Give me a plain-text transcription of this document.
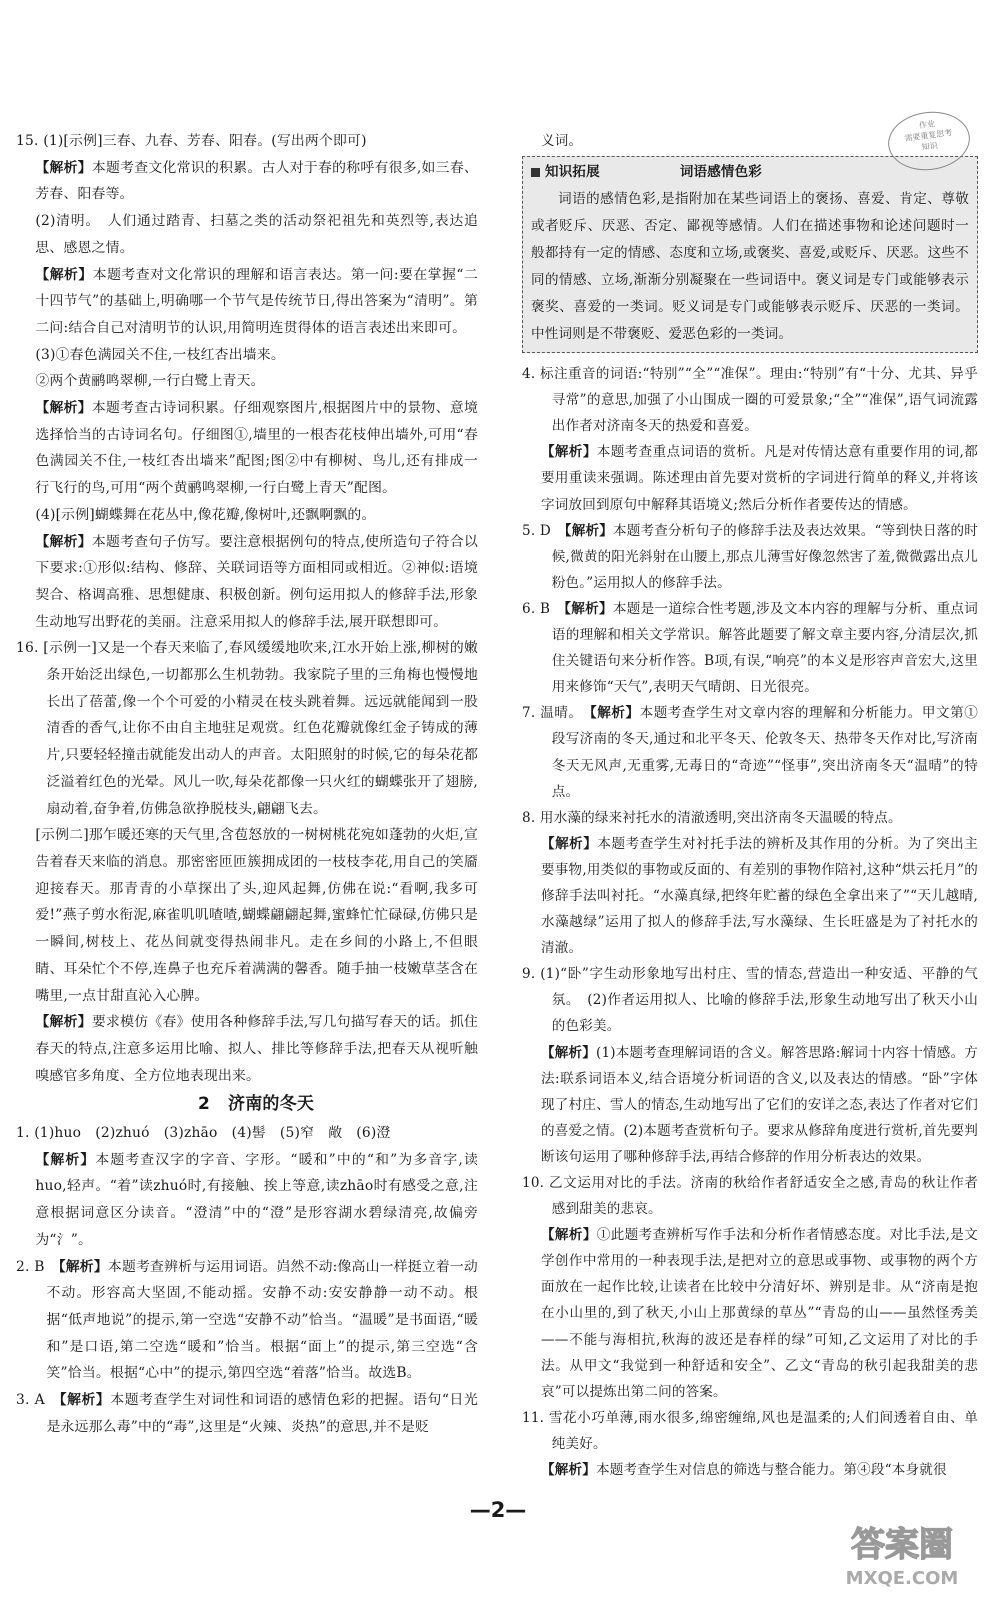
15. (1)[示例]三春、九春、芳春、阳春。(写出两个即可)

【解析】本题考查文化常识的积累。古人对于春的称呼有很多,如三春、芳春、阳春等。

(2)清明。　人们通过踏青、扫墓之类的活动祭祀祖先和英烈等,表达追思、感恩之情。

【解析】本题考查对文化常识的理解和语言表达。第一问:要在掌握“二十四节气”的基础上,明确哪一个节气是传统节日,得出答案为“清明”。第二问:结合自己对清明节的认识,用简明连贯得体的语言表述出来即可。

(3)①春色满园关不住,一枝红杏出墙来。

②两个黄鹂鸣翠柳,一行白鹭上青天。

【解析】本题考查古诗词积累。仔细观察图片,根据图片中的景物、意境选择恰当的古诗词名句。仔细图①,墙里的一根杏花枝伸出墙外,可用“春色满园关不住,一枝红杏出墙来”配图;图②中有柳树、鸟儿,还有排成一行飞行的鸟,可用“两个黄鹂鸣翠柳,一行白鹭上青天”配图。

(4)[示例]蝴蝶舞在花丛中,像花瓣,像树叶,还飘啊飘的。

【解析】本题考查句子仿写。要注意根据例句的特点,使所造句子符合以下要求:①形似:结构、修辞、关联词语等方面相同或相近。②神似:语境契合、格调高雅、思想健康、积极创新。例句运用拟人的修辞手法,形象生动地写出野花的美丽。注意采用拟人的修辞手法,展开联想即可。

16. [示例一]又是一个春天来临了,春风缓缓地吹来,江水开始上涨,柳树的嫩条开始泛出绿色,一切都那么生机勃勃。我家院子里的三角梅也慢慢地长出了蓓蕾,像一个个可爱的小精灵在枝头跳着舞。远远就能闻到一股清香的香气,让你不由自主地驻足观赏。红色花瓣就像红金子铸成的薄片,只要轻轻撞击就能发出动人的声音。太阳照射的时候,它的每朵花都泛溢着红色的光晕。风儿一吹,每朵花都像一只火红的蝴蝶张开了翅膀,扇动着,奋争着,仿佛急欲挣脱枝头,翩翩飞去。

[示例二]那乍暖还寒的天气里,含苞怒放的一树树桃花宛如蓬勃的火炬,宣告着春天来临的消息。那密密匝匝簇拥成团的一枝枝李花,用自己的笑靥迎接春天。那青青的小草探出了头,迎风起舞,仿佛在说:“看啊,我多可爱!”燕子剪水衔泥,麻雀叽叽喳喳,蝴蝶翩翩起舞,蜜蜂忙忙碌碌,仿佛只是一瞬间,树枝上、花丛间就变得热闹非凡。走在乡间的小路上,不但眼睛、耳朵忙个不停,连鼻子也充斥着满满的馨香。随手抽一枝嫩草茎含在嘴里,一点甘甜直沁入心脾。

【解析】要求模仿《春》使用各种修辞手法,写几句描写春天的话。抓住春天的特点,注意多运用比喻、拟人、排比等修辞手法,把春天从视听触嗅感官多角度、全方位地表现出来。

2 济南的冬天

1. (1)huo　(2)zhuó　(3)zhāo　(4)髻　(5)窄　敞　(6)澄

【解析】本题考查汉字的字音、字形。“暖和”中的“和”为多音字,读huo,轻声。“着”读zhuó时,有接触、挨上等意,读zhāo时有感受之意,注意根据词意区分读音。“澄清”中的“澄”是形容湖水碧绿清亮,故偏旁为“氵”。

2. B　【解析】本题考查辨析与运用词语。岿然不动:像高山一样挺立着一动不动。形容高大坚固,不能动摇。安静不动:安安静静一动不动。根据“低声地说”的提示,第一空选“安静不动”恰当。“温暖”是书面语,“暖和”是口语,第二空选“暖和”恰当。根据“面上”的提示,第三空选“含笑”恰当。根据“心中”的提示,第四空选“着落”恰当。故选B。

3. A　【解析】本题考查学生对词性和词语的感情色彩的把握。语句“日光是永远那么毒”中的“毒”,这里是“火辣、炎热”的意思,并不是贬

义词。

知识拓展	词语感情色彩

词语的感情色彩,是指附加在某些词语上的褒扬、喜爱、肯定、尊敬或者贬斥、厌恶、否定、鄙视等感情。人们在描述事物和论述问题时一般都持有一定的情感、态度和立场,或褒奖、喜爱,或贬斥、厌恶。这些不同的情感、立场,渐渐分别凝聚在一些词语中。褒义词是专门或能够表示褒奖、喜爱的一类词。贬义词是专门或能够表示贬斥、厌恶的一类词。中性词则是不带褒贬、爱恶色彩的一类词。

4. 标注重音的词语:“特别”“全”“准保”。理由:“特别”有“十分、尤其、异乎寻常”的意思,加强了小山围成一圈的可爱景象;“全”“准保”,语气词流露出作者对济南冬天的热爱和喜爱。

【解析】本题考查重点词语的赏析。凡是对传情达意有重要作用的词,都要用重读来强调。陈述理由首先要对赏析的字词进行简单的释义,并将该字词放回到原句中解释其语境义;然后分析作者要传达的情感。

5. D　【解析】本题考查分析句子的修辞手法及表达效果。“等到快日落的时候,微黄的阳光斜射在山腰上,那点儿薄雪好像忽然害了羞,微微露出点儿粉色。”运用拟人的修辞手法。

6. B　【解析】本题是一道综合性考题,涉及文本内容的理解与分析、重点词语的理解和相关文学常识。解答此题要了解文章主要内容,分清层次,抓住关键语句来分析作答。B项,有误,“响亮”的本义是形容声音宏大,这里用来修饰“天气”,表明天气晴朗、日光很亮。

7. 温晴。　【解析】本题考查学生对文章内容的理解和分析能力。甲文第①段写济南的冬天,通过和北平冬天、伦敦冬天、热带冬天作对比,写济南冬天无风声,无重雾,无毒日的“奇迹”“怪事”,突出济南冬天“温晴”的特点。

8. 用水藻的绿来衬托水的清澈透明,突出济南冬天温暖的特点。

【解析】本题考查学生对衬托手法的辨析及其作用的分析。为了突出主要事物,用类似的事物或反面的、有差别的事物作陪衬,这种“烘云托月”的修辞手法叫衬托。“水藻真绿,把终年贮蓄的绿色全拿出来了”“天儿越晴,水藻越绿”运用了拟人的修辞手法,写水藻绿、生长旺盛是为了衬托水的清澈。

9. (1)“卧”字生动形象地写出村庄、雪的情态,营造出一种安适、平静的气氛。　(2)作者运用拟人、比喻的修辞手法,形象生动地写出了秋天小山的色彩美。

【解析】(1)本题考查理解词语的含义。解答思路:解词十内容十情感。方法:联系词语本义,结合语境分析词语的含义,以及表达的情感。“卧”字体现了村庄、雪人的情态,生动地写出了它们的安详之态,表达了作者对它们的喜爱之情。(2)本题考查赏析句子。要求从修辞角度进行赏析,首先要判断该句运用了哪种修辞手法,再结合修辞的作用分析表达的效果。

10. 乙文运用对比的手法。济南的秋给作者舒适安全之感,青岛的秋让作者感到甜美的悲哀。

【解析】①此题考查辨析写作手法和分析作者情感态度。对比手法,是文学创作中常用的一种表现手法,是把对立的意思或事物、或事物的两个方面放在一起作比较,让读者在比较中分清好坏、辨别是非。从“济南是抱在小山里的,到了秋天,小山上那黄绿的草丛”“青岛的山——虽然怪秀美——不能与海相抗,秋海的波还是春样的绿”可知,乙文运用了对比的手法。从甲文“我觉到一种舒适和安全”、乙文“青岛的秋引起我甜美的悲哀”可以提炼出第二问的答案。

11. 雪花小巧单薄,雨水很多,绵密缠绵,风也是温柔的;人们间透着自由、单纯美好。

【解析】本题考查学生对信息的筛选与整合能力。第④段“本身就很

作业
需要重复思考
知识
—2—
答案圈
MXQE.COM
